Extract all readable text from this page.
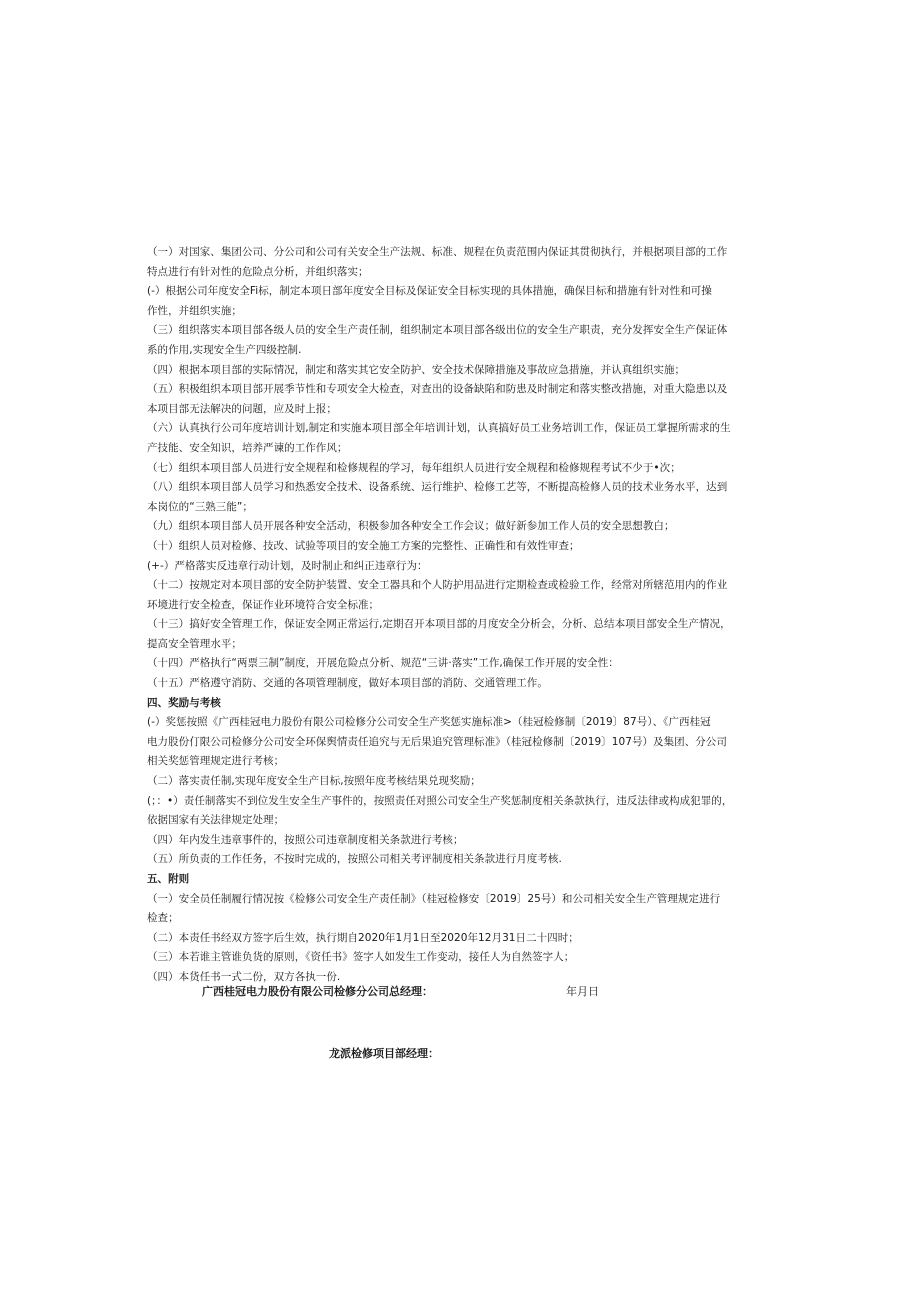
（一）对国家、集团公司、分公司和公司有关安全生产法规、标准、规程在负责范围内保证其贯彻执行，并根据项目部的工作
特点进行有针对性的危险点分析，并组织落实；
(-）根据公司年度安全Fi标，制定本项日部年度安全目标及保证安全目标实现的具体措施，确保目标和措施有针对性和可操
作性，并组织实施；
（三）组织落实本项目部各级人员的安全生产责任制，组织制定本项目部各级出位的安全生产职责，充分发挥安全生产保证体
系的作用,实现安全生产四级控制.
（四）根据本项目部的实际情况，制定和落实其它安全防护、安全技术保障措施及事故应急措施，并认真组织实施；
（五）积极组织本项目部开展季节性和专项安全大检查，对查出的设备缺陷和防患及时制定和落实整改措施，对重大隐患以及
本项目部无法解决的问题，应及时上报；
（六）认真执行公司年度培训计划,制定和实施本项目部全年培训计划，认真搞好员工业务培训工作，保证员工掌握所需求的生
产技能、安全知识，培养严谏的工作作风；
（七）组织本项目部人员进行安全规程和检修规程的学习，每年组织人员进行安全规程和检修规程考试不少于•次；
（八）组织本项目部人员学习和热悉安全技术、设备系统、运行维护、检修工艺等，不断提高检修人员的技术业务水平，达到
本岗位的“三熟三能”；
（九）组织本项目部人员开展各种安全活动，积极参加各种安全工作会议；做好新参加工作人员的安全思想教白；
（十）组织人员对检修、技改、试验等项目的安全施工方案的完整性、正确性和有效性审查；
(+-）严格落实反违章行动计划，及时制止和纠正违章行为：
（十二）按规定对本项目部的安全防护装置、安全工器具和个人防护用品进行定期检查或检验工作，经常对所辖范用内的作业
环境进行安全检查，保证作业环境符合安全标准；
（十三）搞好安全管理工作，保证安全网正常运行,定期召开本项目部的月度安全分析会，分析、总结本项目部安全生产情况，
提高安全管理水平；
（十四）严格执行“两票三制”制度，开展危险点分析、规范“三讲·落实”工作,确保工作开展的安全性：
（十五）严格遵守消防、交通的各项管理制度，做好本项目部的消防、交通管理工作。
四、奖励与考核
(-）奖惩按照《广西桂冠电力股份有限公司检修分公司安全生产奖惩实施标准>（桂冠检修制〔2019〕87号）、《广西桂冠
电力股份仃限公司检修分公司安全环保舆情责任追究与无后果追究管理标准》（桂冠检修制〔2019〕107号）及集团、分公司
相关奖惩管理规定进行考核；
（二）落实责任制,实现年度安全生产目标,按照年度考核结果兑现奖励；
(；：•）责任制落实不到位发生安全生产事件的，按照责任对照公司安全生产奖惩制度相关条款执行，违反法律或构成犯罪的，
依据国家有关法律规定处理；
（四）年内发生违章事件的，按照公司违章制度相关条款进行考核；
（五）所负责的工作任务，不按时完成的，按照公司相关考评制度相关条款进行月度考核.
五、附则
（一）安全员任制履行情况按《检修公司安全生产责任制》（桂冠检修安〔2019〕25号）和公司相关安全生产管理规定进行
检查；
（二）本责任书经双方签字后生效，执行期自2020年1月1日至2020年12月31日二十四时；
（三）本若谁主管谁负货的原则，《资任书》签字人如发生工作变动，接任人为自然签字人；
（四）本货任书一式二份，双方各执一份.
广西桂冠电力股份有限公司检修分公司总经理：	年月日
龙派检修项目部经理：
